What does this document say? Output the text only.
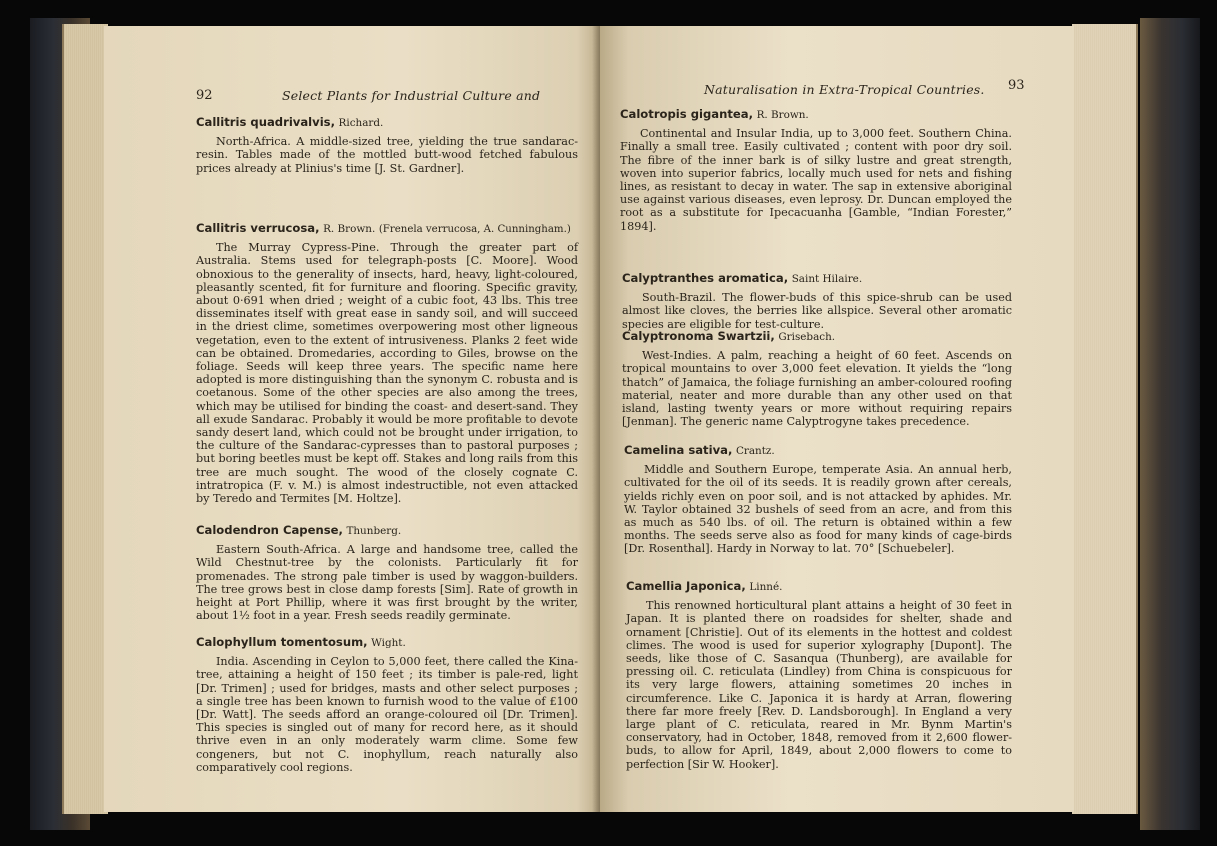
92	Select Plants for Industrial Culture and
Callitris quadrivalvis, Richard.

North-Africa. A middle-sized tree, yielding the true sandarac-resin. Tables made of the mottled butt-wood fetched fabulous prices already at Plinius's time [J. St. Gardner].

Callitris verrucosa, R. Brown. (Frenela verrucosa, A. Cunningham.)

The Murray Cypress-Pine. Through the greater part of Australia. Stems used for telegraph-posts [C. Moore]. Wood obnoxious to the generality of insects, hard, heavy, light-coloured, pleasantly scented, fit for furniture and flooring. Specific gravity, about 0·691 when dried ; weight of a cubic foot, 43 lbs. This tree disseminates itself with great ease in sandy soil, and will succeed in the driest clime, sometimes overpowering most other ligneous vegetation, even to the extent of intrusiveness. Planks 2 feet wide can be obtained. Dromedaries, according to Giles, browse on the foliage. Seeds will keep three years. The specific name here adopted is more distinguishing than the synonym C. robusta and is coetanous. Some of the other species are also among the trees, which may be utilised for binding the coast- and desert-sand. They all exude Sandarac. Probably it would be more profitable to devote sandy desert land, which could not be brought under irrigation, to the culture of the Sandarac-cypresses than to pastoral purposes ; but boring beetles must be kept off. Stakes and long rails from this tree are much sought. The wood of the closely cognate C. intratropica (F. v. M.) is almost indestructible, not even attacked by Teredo and Termites [M. Holtze].

Calodendron Capense, Thunberg.

Eastern South-Africa. A large and handsome tree, called the Wild Chestnut-tree by the colonists. Particularly fit for promenades. The strong pale timber is used by waggon-builders. The tree grows best in close damp forests [Sim]. Rate of growth in height at Port Phillip, where it was first brought by the writer, about 1½ foot in a year. Fresh seeds readily germinate.

Calophyllum tomentosum, Wight.

India. Ascending in Ceylon to 5,000 feet, there called the Kina-tree, attaining a height of 150 feet ; its timber is pale-red, light [Dr. Trimen] ; used for bridges, masts and other select purposes ; a single tree has been known to furnish wood to the value of £100 [Dr. Watt]. The seeds afford an orange-coloured oil [Dr. Trimen]. This species is singled out of many for record here, as it should thrive even in an only moderately warm clime. Some few congeners, but not C. inophyllum, reach naturally also comparatively cool regions.

Naturalisation in Extra-Tropical Countries. 93
Calotropis gigantea, R. Brown.

Continental and Insular India, up to 3,000 feet. Southern China. Finally a small tree. Easily cultivated ; content with poor dry soil. The fibre of the inner bark is of silky lustre and great strength, woven into superior fabrics, locally much used for nets and fishing lines, as resistant to decay in water. The sap in extensive aboriginal use against various diseases, even leprosy. Dr. Duncan employed the root as a substitute for Ipecacuanha [Gamble, “Indian Forester,” 1894].

Calyptranthes aromatica, Saint Hilaire.

South-Brazil. The flower-buds of this spice-shrub can be used almost like cloves, the berries like allspice. Several other aromatic species are eligible for test-culture.

Calyptronoma Swartzii, Grisebach.

West-Indies. A palm, reaching a height of 60 feet. Ascends on tropical mountains to over 3,000 feet elevation. It yields the “long thatch” of Jamaica, the foliage furnishing an amber-coloured roofing material, neater and more durable than any other used on that island, lasting twenty years or more without requiring repairs [Jenman]. The generic name Calyptrogyne takes precedence.

Camelina sativa, Crantz.

Middle and Southern Europe, temperate Asia. An annual herb, cultivated for the oil of its seeds. It is readily grown after cereals, yields richly even on poor soil, and is not attacked by aphides. Mr. W. Taylor obtained 32 bushels of seed from an acre, and from this as much as 540 lbs. of oil. The return is obtained within a few months. The seeds serve also as food for many kinds of cage-birds [Dr. Rosenthal]. Hardy in Norway to lat. 70° [Schuebeler].

Camellia Japonica, Linné.

This renowned horticultural plant attains a height of 30 feet in Japan. It is planted there on roadsides for shelter, shade and ornament [Christie]. Out of its elements in the hottest and coldest climes. The wood is used for superior xylography [Dupont]. The seeds, like those of C. Sasanqua (Thunberg), are available for pressing oil. C. reticulata (Lindley) from China is conspicuous for its very large flowers, attaining sometimes 20 inches in circumference. Like C. Japonica it is hardy at Arran, flowering there far more freely [Rev. D. Landsborough]. In England a very large plant of C. reticulata, reared in Mr. Bynm Martin's conservatory, had in October, 1848, removed from it 2,600 flower-buds, to allow for April, 1849, about 2,000 flowers to come to perfection [Sir W. Hooker].
